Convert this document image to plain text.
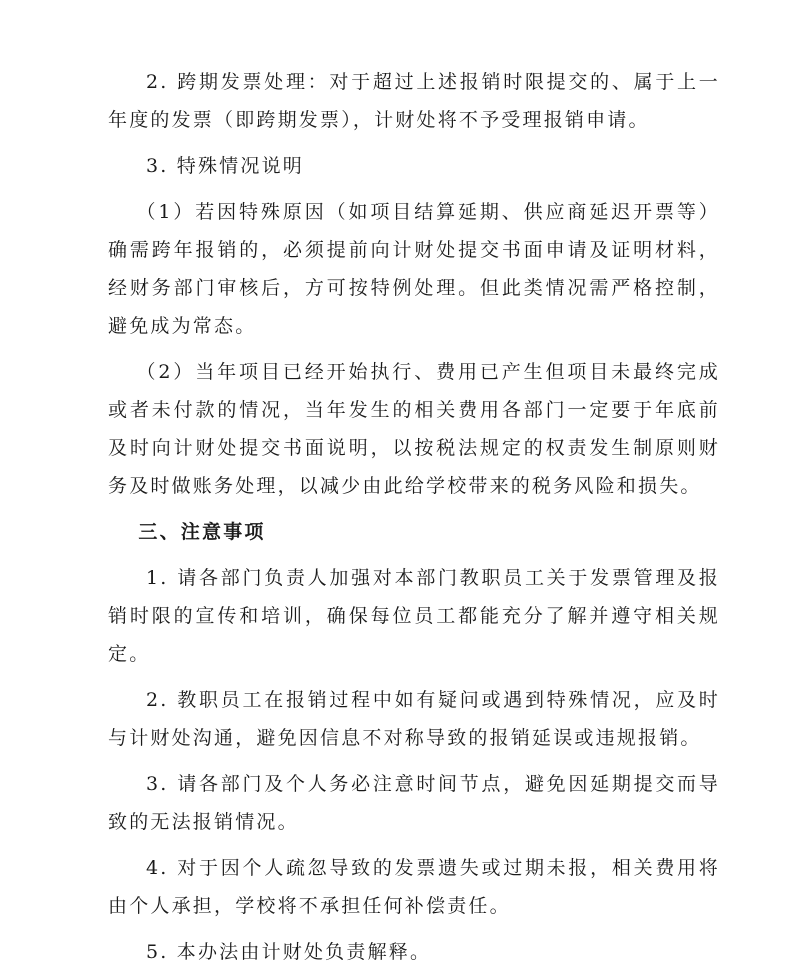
2. 跨期发票处理：对于超过上述报销时限提交的、属于上一年度的发票（即跨期发票），计财处将不予受理报销申请。

3. 特殊情况说明

（1）若因特殊原因（如项目结算延期、供应商延迟开票等）确需跨年报销的，必须提前向计财处提交书面申请及证明材料，经财务部门审核后，方可按特例处理。但此类情况需严格控制，避免成为常态。

（2）当年项目已经开始执行、费用已产生但项目未最终完成或者未付款的情况，当年发生的相关费用各部门一定要于年底前及时向计财处提交书面说明，以按税法规定的权责发生制原则财务及时做账务处理，以减少由此给学校带来的税务风险和损失。

三、注意事项

1. 请各部门负责人加强对本部门教职员工关于发票管理及报销时限的宣传和培训，确保每位员工都能充分了解并遵守相关规定。

2. 教职员工在报销过程中如有疑问或遇到特殊情况，应及时与计财处沟通，避免因信息不对称导致的报销延误或违规报销。

3. 请各部门及个人务必注意时间节点，避免因延期提交而导致的无法报销情况。

4. 对于因个人疏忽导致的发票遗失或过期未报，相关费用将由个人承担，学校将不承担任何补偿责任。

5. 本办法由计财处负责解释。
